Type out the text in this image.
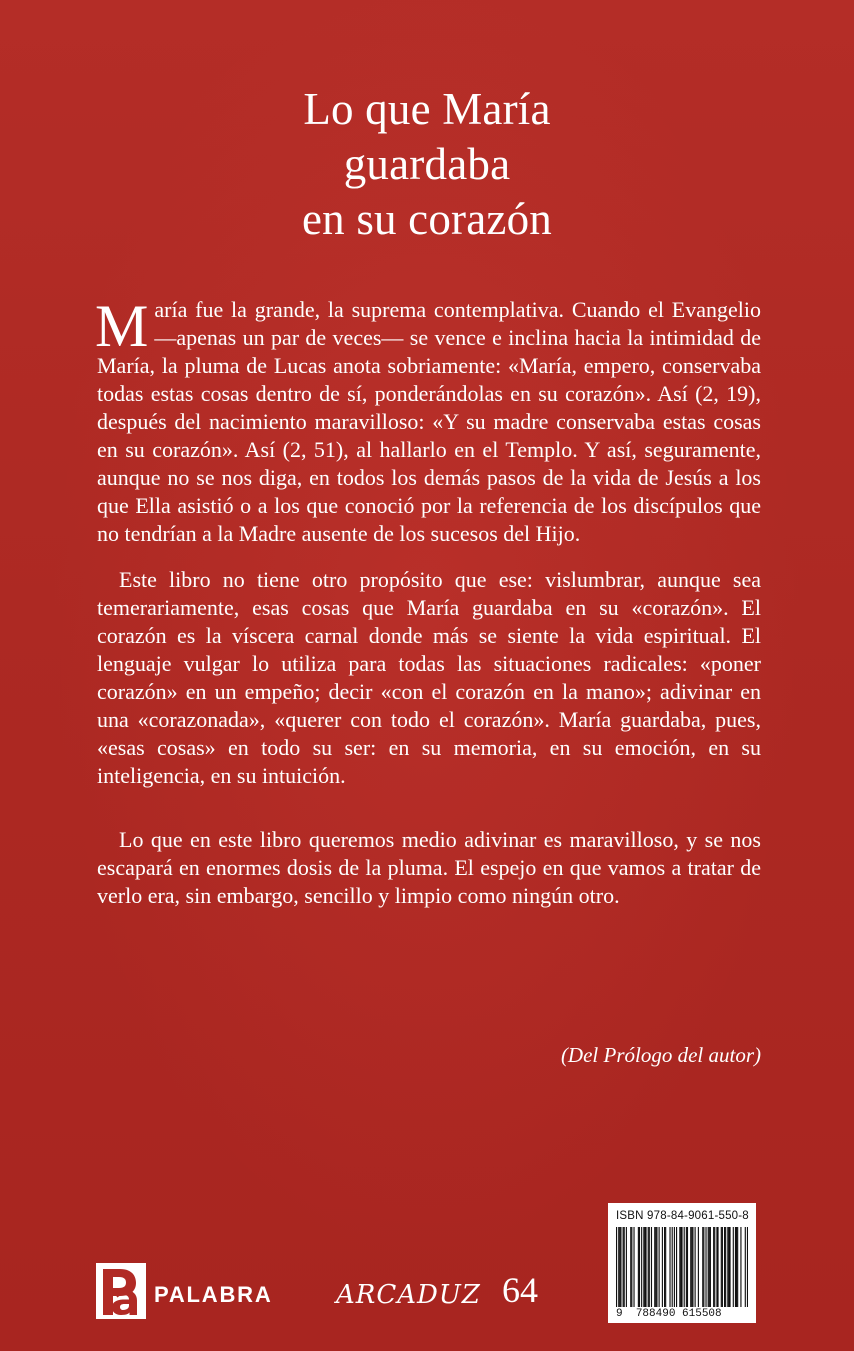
Lo que María
guardaba
en su corazón

María fue la grande, la suprema contemplativa. Cuando el Evangelio —apenas un par de veces— se vence e inclina hacia la intimidad de María, la pluma de Lucas anota sobriamente: «María, empero, conservaba todas estas cosas dentro de sí, ponderándolas en su corazón». Así (2, 19), después del nacimiento maravilloso: «Y su madre conservaba estas cosas en su corazón». Así (2, 51), al hallarlo en el Templo. Y así, seguramente, aunque no se nos diga, en todos los demás pasos de la vida de Jesús a los que Ella asistió o a los que conoció por la referencia de los discípulos que no tendrían a la Madre ausente de los sucesos del Hijo.

Este libro no tiene otro propósito que ese: vislumbrar, aunque sea temerariamente, esas cosas que María guardaba en su «corazón». El corazón es la víscera carnal donde más se siente la vida espiritual. El lenguaje vulgar lo utiliza para todas las situaciones radicales: «poner corazón» en un empeño; decir «con el corazón en la mano»; adivinar en una «corazonada», «querer con todo el corazón». María guardaba, pues, «esas cosas» en todo su ser: en su memoria, en su emoción, en su inteligencia, en su intuición.

Lo que en este libro queremos medio adivinar es maravilloso, y se nos escapará en enormes dosis de la pluma. El espejo en que vamos a tratar de verlo era, sin embargo, sencillo y limpio como ningún otro.

(Del Prólogo del autor)
PALABRA ARCADUZ 64
ISBN 978-84-9061-550-8
9 788490 615508
